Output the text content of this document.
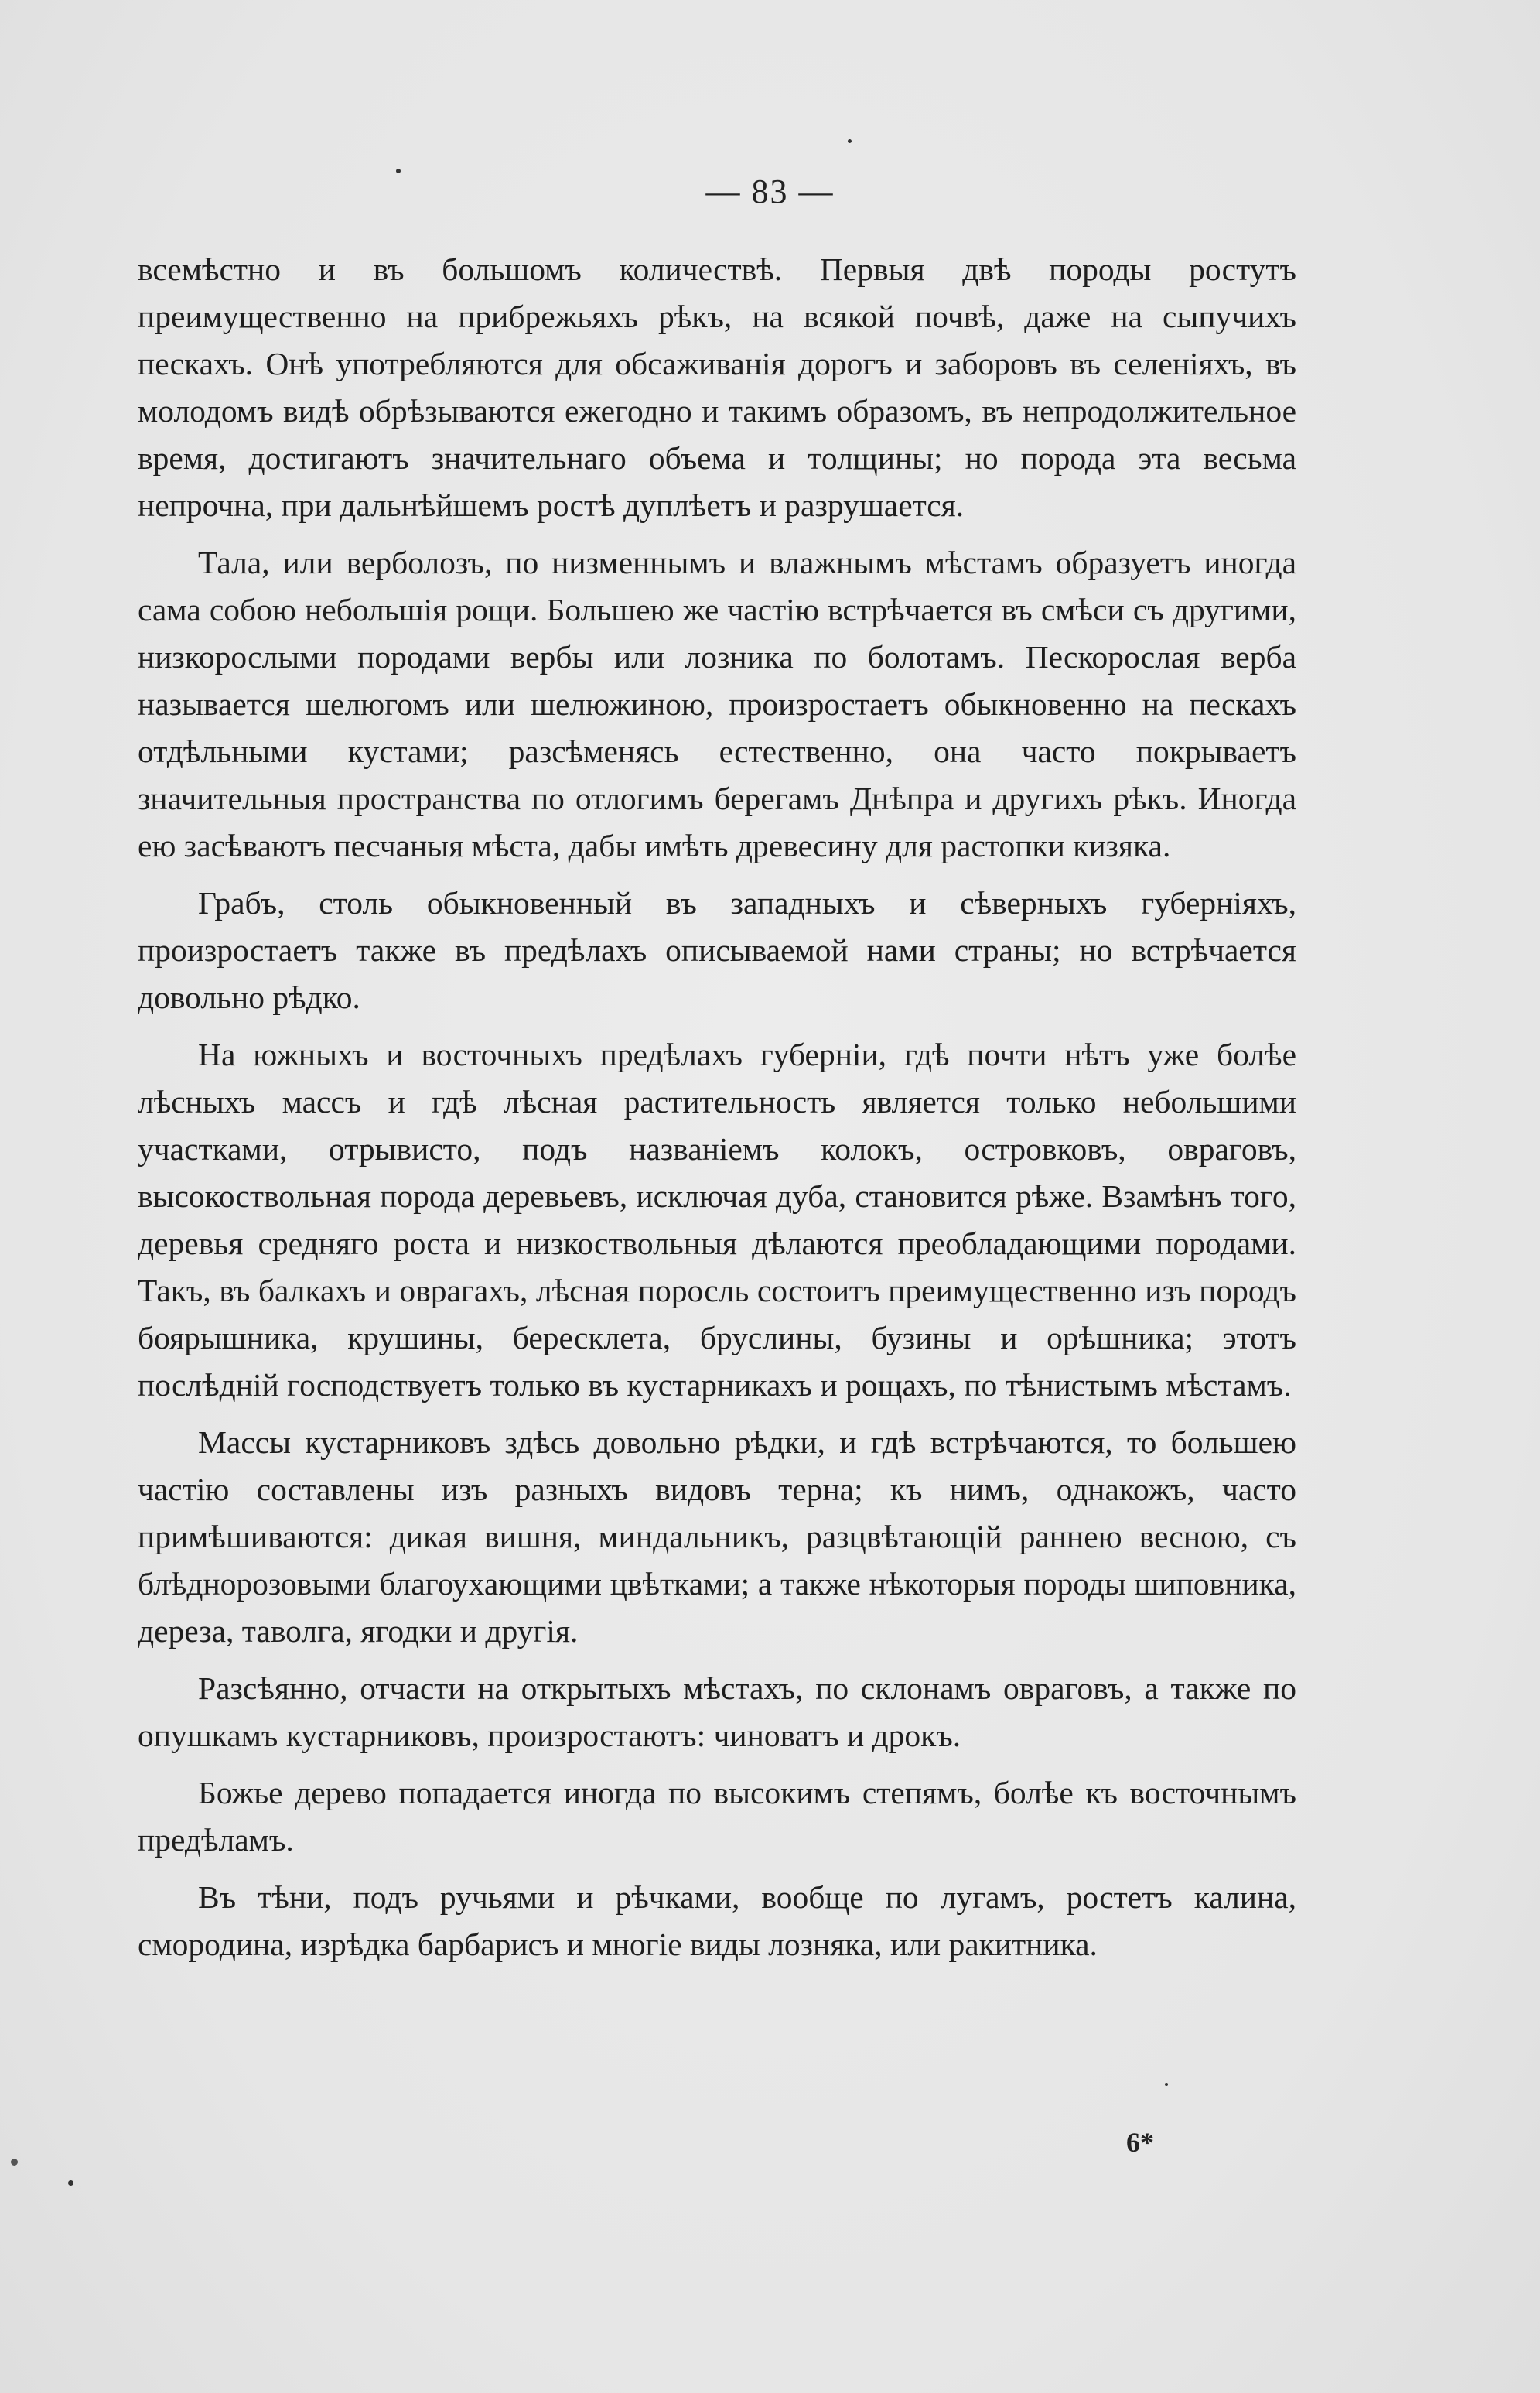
— 83 —

всемѣстно и въ большомъ количествѣ. Первыя двѣ породы ростутъ преимущественно на прибрежьяхъ рѣкъ, на всякой почвѣ, даже на сыпучихъ пескахъ. Онѣ употребляются для обсаживанія дорогъ и заборовъ въ селеніяхъ, въ молодомъ видѣ обрѣзываются ежегодно и такимъ образомъ, въ непродолжительное время, достигаютъ значительнаго объема и толщины; но порода эта весьма непрочна, при дальнѣйшемъ ростѣ дуплѣетъ и разрушается.

Тала, или верболозъ, по низменнымъ и влажнымъ мѣстамъ образуетъ иногда сама собою небольшія рощи. Большею же частію встрѣчается въ смѣси съ другими, низкорослыми породами вербы или лозника по болотамъ. Пескорослая верба называется шелюгомъ или шелюжиною, произростаетъ обыкновенно на пескахъ отдѣльными кустами; разсѣменясь естественно, она часто покрываетъ значительныя пространства по отлогимъ берегамъ Днѣпра и другихъ рѣкъ. Иногда ею засѣваютъ песчаныя мѣста, дабы имѣть древесину для растопки кизяка.

Грабъ, столь обыкновенный въ западныхъ и сѣверныхъ губерніяхъ, произростаетъ также въ предѣлахъ описываемой нами страны; но встрѣчается довольно рѣдко.

На южныхъ и восточныхъ предѣлахъ губерніи, гдѣ почти нѣтъ уже болѣе лѣсныхъ массъ и гдѣ лѣсная растительность является только небольшими участками, отрывисто, подъ названіемъ колокъ, островковъ, овраговъ, высокоствольная порода деревьевъ, исключая дуба, становится рѣже. Взамѣнъ того, деревья средняго роста и низкоствольныя дѣлаются преобладающими породами. Такъ, въ балкахъ и оврагахъ, лѣсная поросль состоитъ преимущественно изъ породъ боярышника, крушины, бересклета, бруслины, бузины и орѣшника; этотъ послѣдній господствуетъ только въ кустарникахъ и рощахъ, по тѣнистымъ мѣстамъ.

Массы кустарниковъ здѣсь довольно рѣдки, и гдѣ встрѣчаются, то большею частію составлены изъ разныхъ видовъ терна; къ нимъ, однакожъ, часто примѣшиваются: дикая вишня, миндальникъ, разцвѣтающій раннею весною, съ блѣднорозовыми благоухающими цвѣтками; а также нѣкоторыя породы шиповника, дереза, таволга, ягодки и другія.

Разсѣянно, отчасти на открытыхъ мѣстахъ, по склонамъ овраговъ, а также по опушкамъ кустарниковъ, произростаютъ: чиноватъ и дрокъ.

Божье дерево попадается иногда по высокимъ степямъ, болѣе къ восточнымъ предѣламъ.

Въ тѣни, подъ ручьями и рѣчками, вообще по лугамъ, ростетъ калина, смородина, изрѣдка барбарисъ и многіе виды лозняка, или ракитника.

6*
